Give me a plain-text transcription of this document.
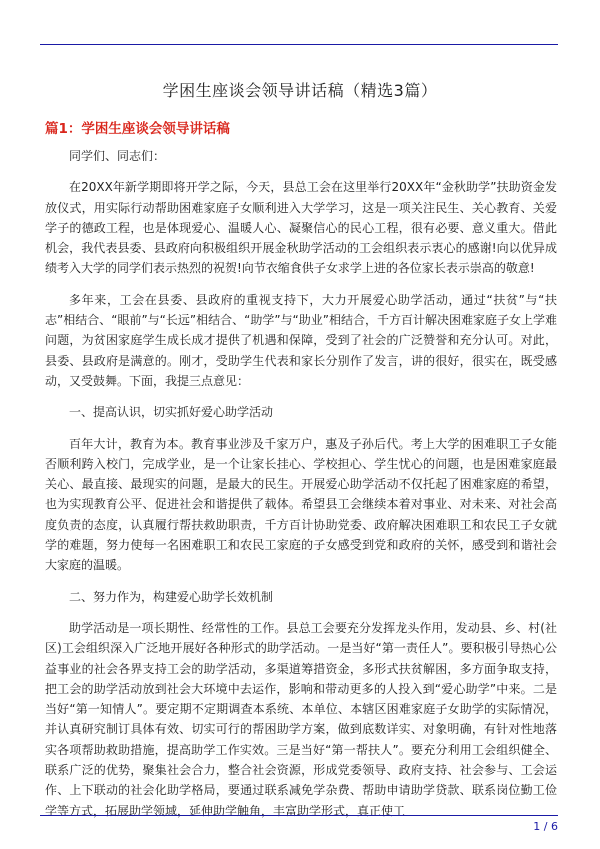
学困生座谈会领导讲话稿（精选3篇）
篇1：学困生座谈会领导讲话稿

同学们、同志们：

在20XX年新学期即将开学之际，今天，县总工会在这里举行20XX年“金秋助学”扶助资金发放仪式，用实际行动帮助困难家庭子女顺利进入大学学习，这是一项关注民生、关心教育、关爱学子的德政工程，也是体现爱心、温暖人心、凝聚信心的民心工程，很有必要、意义重大。借此机会，我代表县委、县政府向积极组织开展金秋助学活动的工会组织表示衷心的感谢!向以优异成绩考入大学的同学们表示热烈的祝贺!向节衣缩食供子女求学上进的各位家长表示崇高的敬意!

多年来，工会在县委、县政府的重视支持下，大力开展爱心助学活动，通过“扶贫”与“扶志”相结合、“眼前”与“长远”相结合、“助学”与“助业”相结合，千方百计解决困难家庭子女上学难问题，为贫困家庭学生成长成才提供了机遇和保障，受到了社会的广泛赞誉和充分认可。对此，县委、县政府是满意的。刚才，受助学生代表和家长分别作了发言，讲的很好，很实在，既受感动，又受鼓舞。下面，我提三点意见：

一、提高认识，切实抓好爱心助学活动

百年大计，教育为本。教育事业涉及千家万户，惠及子孙后代。考上大学的困难职工子女能否顺利跨入校门，完成学业，是一个让家长挂心、学校担心、学生忧心的问题，也是困难家庭最关心、最直接、最现实的问题，是最大的民生。开展爱心助学活动不仅托起了困难家庭的希望，也为实现教育公平、促进社会和谐提供了载体。希望县工会继续本着对事业、对未来、对社会高度负责的态度，认真履行帮扶救助职责，千方百计协助党委、政府解决困难职工和农民工子女就学的难题，努力使每一名困难职工和农民工家庭的子女感受到党和政府的关怀，感受到和谐社会大家庭的温暖。

二、努力作为，构建爱心助学长效机制

助学活动是一项长期性、经常性的工作。县总工会要充分发挥龙头作用，发动县、乡、村(社区)工会组织深入广泛地开展好各种形式的助学活动。一是当好“第一责任人”。要积极引导热心公益事业的社会各界支持工会的助学活动，多渠道筹措资金，多形式扶贫解困，多方面争取支持，把工会的助学活动放到社会大环境中去运作，影响和带动更多的人投入到“爱心助学”中来。二是当好“第一知情人”。要定期不定期调查本系统、本单位、本辖区困难家庭子女助学的实际情况，并认真研究制订具体有效、切实可行的帮困助学方案，做到底数详实、对象明确，有针对性地落实各项帮助救助措施，提高助学工作实效。三是当好“第一帮扶人”。要充分利用工会组织健全、联系广泛的优势，聚集社会合力，整合社会资源，形成党委领导、政府支持、社会参与、工会运作、上下联动的社会化助学格局，要通过联系减免学杂费、帮助申请助学贷款、联系岗位勤工俭学等方式，拓展助学领域，延伸助学触角，丰富助学形式，真正使工

1 / 6
